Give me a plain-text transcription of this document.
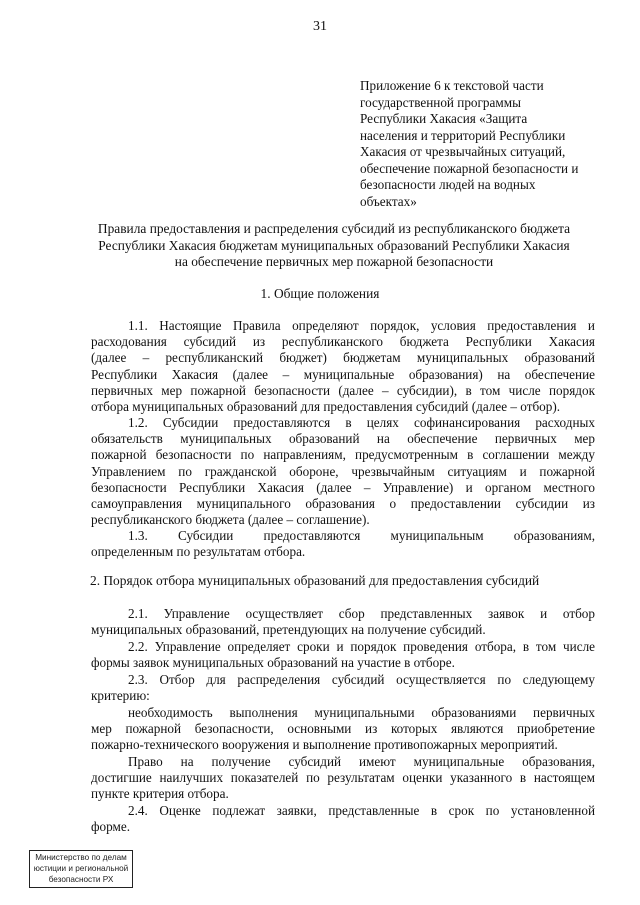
31
Приложение 6 к текстовой части
государственной программы
Республики Хакасия «Защита
населения и территорий Республики
Хакасия от чрезвычайных ситуаций,
обеспечение пожарной безопасности и
безопасности людей на водных
объектах»
Правила предоставления и распределения субсидий из республиканского бюджета
Республики Хакасия бюджетам муниципальных образований Республики Хакасия
на обеспечение первичных мер пожарной безопасности
1. Общие положения
1.1. Настоящие Правила определяют порядок, условия предоставления и
расходования субсидий из республиканского бюджета Республики Хакасия
(далее – республиканский бюджет) бюджетам муниципальных образований
Республики Хакасия (далее – муниципальные образования) на обеспечение
первичных мер пожарной безопасности (далее – субсидии), в том числе порядок
отбора муниципальных образований для предоставления субсидий (далее – отбор).
1.2. Субсидии предоставляются в целях софинансирования расходных
обязательств муниципальных образований на обеспечение первичных мер
пожарной безопасности по направлениям, предусмотренным в соглашении между
Управлением по гражданской обороне, чрезвычайным ситуациям и пожарной
безопасности Республики Хакасия (далее – Управление) и органом местного
самоуправления муниципального образования о предоставлении субсидии из
республиканского бюджета (далее – соглашение).
1.3. Субсидии предоставляются муниципальным образованиям,
определенным по результатам отбора.
2. Порядок отбора муниципальных образований для предоставления субсидий
2.1. Управление осуществляет сбор представленных заявок и отбор
муниципальных образований, претендующих на получение субсидий.
2.2. Управление определяет сроки и порядок проведения отбора, в том числе
формы заявок муниципальных образований на участие в отборе.
2.3. Отбор для распределения субсидий осуществляется по следующему
критерию:
необходимость выполнения муниципальными образованиями первичных
мер пожарной безопасности, основными из которых являются приобретение
пожарно-технического вооружения и выполнение противопожарных мероприятий.
Право на получение субсидий имеют муниципальные образования,
достигшие наилучших показателей по результатам оценки указанного в настоящем
пункте критерия отбора.
2.4. Оценке подлежат заявки, представленные в срок по установленной
форме.
Министерство по делам
юстиции и региональной
безопасности РХ
